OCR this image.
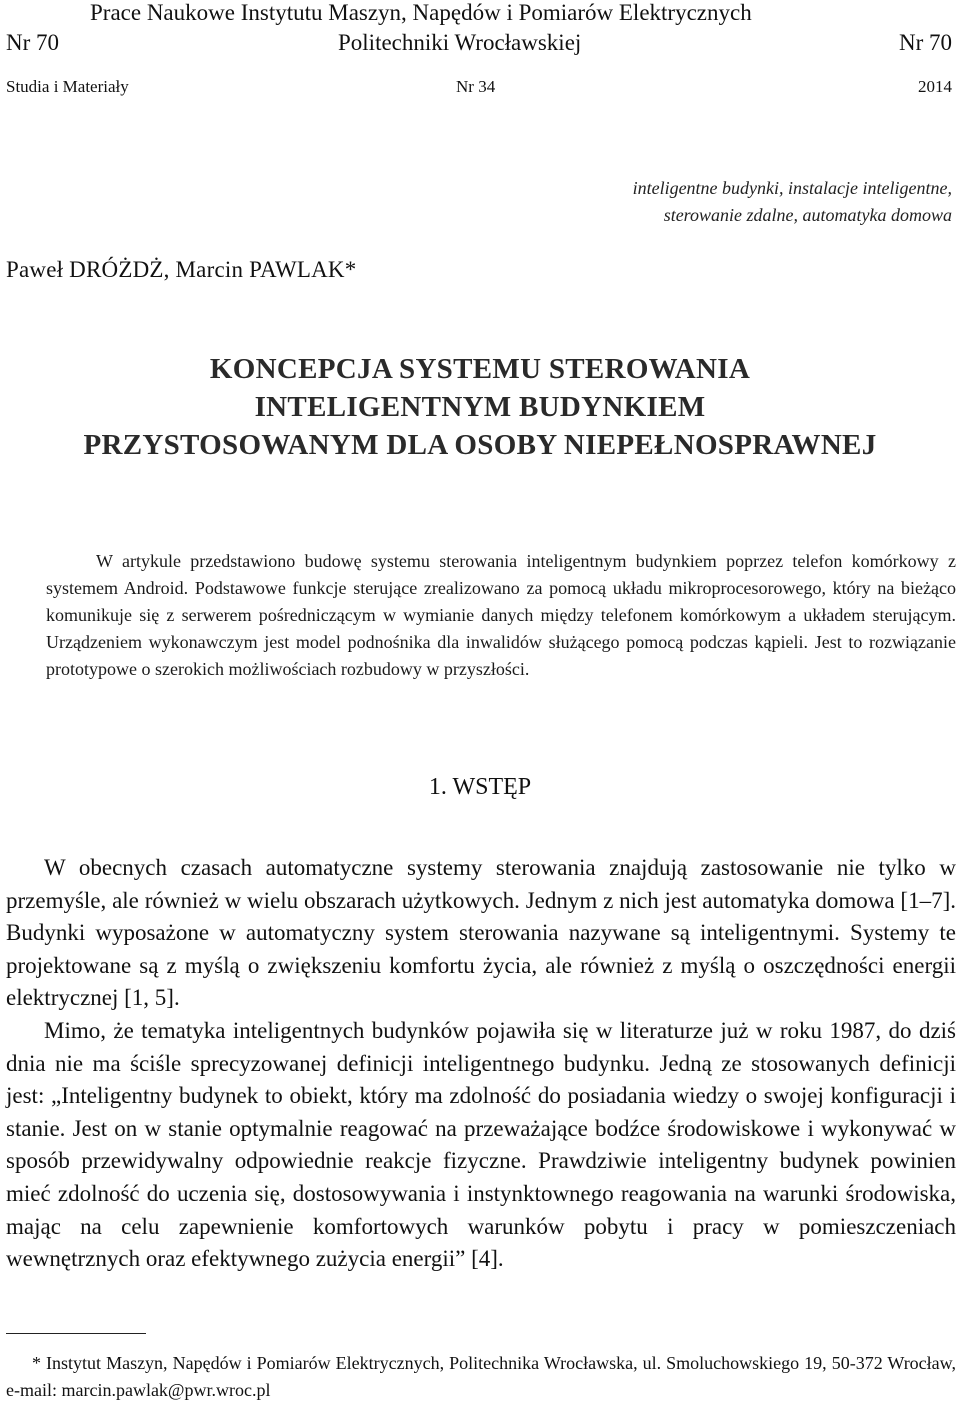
Prace Naukowe Instytutu Maszyn, Napędów i Pomiarów Elektrycznych
Nr 70	Politechniki Wrocławskiej	Nr 70
Studia i Materiały	Nr 34	2014
inteligentne budynki, instalacje inteligentne,
sterowanie zdalne, automatyka domowa
Paweł DRÓŻDŻ, Marcin PAWLAK*
KONCEPCJA SYSTEMU STEROWANIA
INTELIGENTNYM BUDYNKIEM
PRZYSTOSOWANYM DLA OSOBY NIEPEŁNOSPRAWNEJ
W artykule przedstawiono budowę systemu sterowania inteligentnym budynkiem poprzez telefon komórkowy z systemem Android. Podstawowe funkcje sterujące zrealizowano za pomocą układu mikroprocesorowego, który na bieżąco komunikuje się z serwerem pośredniczącym w wymianie danych między telefonem komórkowym a układem sterującym. Urządzeniem wykonawczym jest model podnośnika dla inwalidów służącego pomocą podczas kąpieli. Jest to rozwiązanie prototypowe o szerokich możliwościach rozbudowy w przyszłości.
1. WSTĘP

W obecnych czasach automatyczne systemy sterowania znajdują zastosowanie nie tylko w przemyśle, ale również w wielu obszarach użytkowych. Jednym z nich jest automatyka domowa [1–7]. Budynki wyposażone w automatyczny system sterowania nazywane są inteligentnymi. Systemy te projektowane są z myślą o zwiększeniu komfortu życia, ale również z myślą o oszczędności energii elektrycznej [1, 5].

Mimo, że tematyka inteligentnych budynków pojawiła się w literaturze już w roku 1987, do dziś dnia nie ma ściśle sprecyzowanej definicji inteligentnego budynku. Jedną ze stosowanych definicji jest: „Inteligentny budynek to obiekt, który ma zdolność do posiadania wiedzy o swojej konfiguracji i stanie. Jest on w stanie optymalnie reagować na przeważające bodźce środowiskowe i wykonywać w sposób przewidywalny odpowiednie reakcje fizyczne. Prawdziwie inteligentny budynek powinien mieć zdolność do uczenia się, dostosowywania i instynktownego reagowania na warunki środowiska, mając na celu zapewnienie komfortowych warunków pobytu i pracy w pomieszczeniach wewnętrznych oraz efektywnego zużycia energii” [4].

* Instytut Maszyn, Napędów i Pomiarów Elektrycznych, Politechnika Wrocławska, ul. Smoluchowskiego 19, 50-372 Wrocław, e-mail: marcin.pawlak@pwr.wroc.pl
